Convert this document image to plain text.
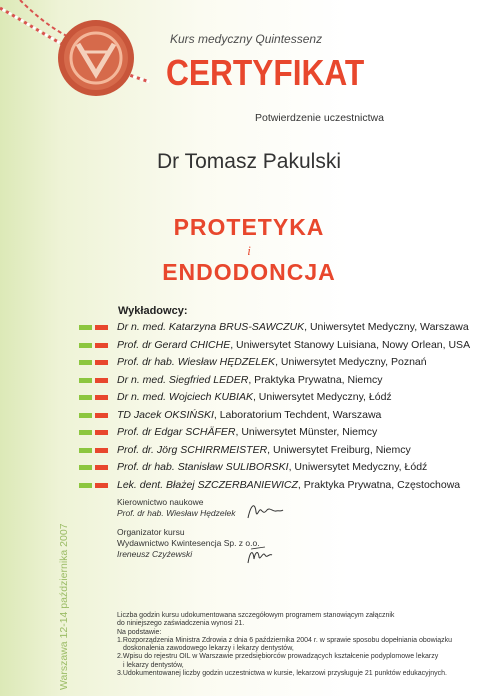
Kurs medyczny Quintessenz
CERTYFIKAT
Potwierdzenie uczestnictwa
Dr Tomasz Pakulski
PROTETYKA
i
ENDODONCJA
Wykładowcy:
Dr n. med. Katarzyna BRUS-SAWCZUK, Uniwersytet Medyczny, Warszawa
Prof. dr Gerard CHICHE, Uniwersytet Stanowy Luisiana, Nowy Orlean, USA
Prof. dr hab. Wiesław HĘDZELEK, Uniwersytet Medyczny, Poznań
Dr n. med. Siegfried LEDER, Praktyka Prywatna, Niemcy
Dr n. med. Wojciech KUBIAK, Uniwersytet Medyczny, Łódź
TD Jacek OKSIŃSKI, Laboratorium Techdent, Warszawa
Prof. dr Edgar SCHÄFER, Uniwersytet Münster, Niemcy
Prof. dr. Jörg SCHIRRMEISTER, Uniwersytet Freiburg, Niemcy
Prof. dr hab. Stanisław SULIBORSKI, Uniwersytet Medyczny, Łódź
Lek. dent. Błażej SZCZERBANIEWICZ, Praktyka Prywatna, Częstochowa
Kierownictwo naukowe
Prof. dr hab. Wiesław Hędzelek
Organizator kursu
Wydawnictwo Kwintesencja Sp. z o.o.
Ireneusz Czyżewski
Warszawa 12-14 października 2007	Liczba godzin kursu udokumentowana szczegółowym programem stanowiącym załącznik

do niniejszego zaświadczenia wynosi 21.

Na podstawie:

1.Rozporządzenia Ministra Zdrowia z dnia 6 października 2004 r. w sprawie sposobu dopełniania obowiązku

doskonalenia zawodowego lekarzy i lekarzy dentystów,

2.Wpisu do rejestru OIL w Warszawie przedsiębiorców prowadzących kształcenie podyplomowe lekarzy

i lekarzy dentystów,

3.Udokumentowanej liczby godzin uczestnictwa w kursie, lekarzowi przysługuje 21 punktów edukacyjnych.
